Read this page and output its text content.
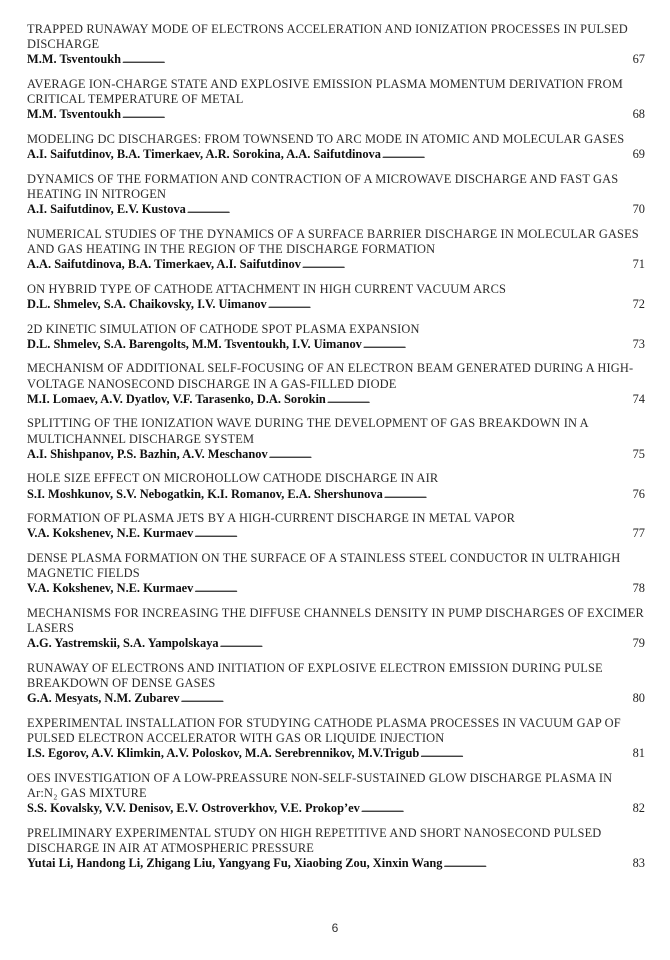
TRAPPED RUNAWAY MODE OF ELECTRONS ACCELERATION AND IONIZATION PROCESSES IN PULSED DISCHARGE
M.M. Tsventoukh . . .	67
AVERAGE ION-CHARGE STATE AND EXPLOSIVE EMISSION PLASMA MOMENTUM DERIVATION FROM CRITICAL TEMPERATURE OF METAL
M.M. Tsventoukh . . .	68
MODELING DC DISCHARGES: FROM TOWNSEND TO ARC MODE IN ATOMIC AND MOLECULAR GASES
A.I. Saifutdinov, B.A. Timerkaev, A.R. Sorokina, A.A. Saifutdinova . . .	69
DYNAMICS OF THE FORMATION AND CONTRACTION OF A MICROWAVE DISCHARGE AND FAST GAS HEATING IN NITROGEN
A.I. Saifutdinov, E.V. Kustova . . .	70
NUMERICAL STUDIES OF THE DYNAMICS OF A SURFACE BARRIER DISCHARGE IN MOLECULAR GASES AND GAS HEATING IN THE REGION OF THE DISCHARGE FORMATION
A.A. Saifutdinova, B.A. Timerkaev, A.I. Saifutdinov . . .	71
ON HYBRID TYPE OF CATHODE ATTACHMENT IN HIGH CURRENT VACUUM ARCS
D.L. Shmelev, S.A. Chaikovsky, I.V. Uimanov . . .	72
2D KINETIC SIMULATION OF CATHODE SPOT PLASMA EXPANSION
D.L. Shmelev, S.A. Barengolts, M.M. Tsventoukh, I.V. Uimanov . . .	73
MECHANISM OF ADDITIONAL SELF-FOCUSING OF AN ELECTRON BEAM GENERATED DURING A HIGH-VOLTAGE NANOSECOND DISCHARGE IN A GAS-FILLED DIODE
M.I. Lomaev, A.V. Dyatlov, V.F. Tarasenko, D.A. Sorokin . . .	74
SPLITTING OF THE IONIZATION WAVE DURING THE DEVELOPMENT OF GAS BREAKDOWN IN A MULTICHANNEL DISCHARGE SYSTEM
A.I. Shishpanov, P.S. Bazhin, A.V. Meschanov . . .	75
HOLE SIZE EFFECT ON MICROHOLLOW CATHODE DISCHARGE IN AIR
S.I. Moshkunov, S.V. Nebogatkin, K.I. Romanov, E.A. Shershunova . . .	76
FORMATION OF PLASMA JETS BY A HIGH-CURRENT DISCHARGE IN METAL VAPOR
V.A. Kokshenev, N.E. Kurmaev . . .	77
DENSE PLASMA FORMATION ON THE SURFACE OF A STAINLESS STEEL CONDUCTOR IN ULTRAHIGH MAGNETIC FIELDS
V.A. Kokshenev, N.E. Kurmaev . . .	78
MECHANISMS FOR INCREASING THE DIFFUSE CHANNELS DENSITY IN PUMP DISCHARGES OF EXCIMER LASERS
A.G. Yastremskii, S.A. Yampolskaya . . .	79
RUNAWAY OF ELECTRONS AND INITIATION OF EXPLOSIVE ELECTRON EMISSION DURING PULSE BREAKDOWN OF DENSE GASES
G.A. Mesyats, N.M. Zubarev . . .	80
EXPERIMENTAL INSTALLATION FOR STUDYING CATHODE PLASMA PROCESSES IN VACUUM GAP OF PULSED ELECTRON ACCELERATOR WITH GAS OR LIQUIDE INJECTION
I.S. Egorov, A.V. Klimkin, A.V. Poloskov, M.A. Serebrennikov, M.V.Trigub . . .	81
OES INVESTIGATION OF A LOW-PREASSURE NON-SELF-SUSTAINED GLOW DISCHARGE PLASMA IN Ar:N₂ GAS MIXTURE
S.S. Kovalsky, V.V. Denisov, E.V. Ostroverkhov, V.E. Prokop’ev . . .	82
PRELIMINARY EXPERIMENTAL STUDY ON HIGH REPETITIVE AND SHORT NANOSECOND PULSED DISCHARGE IN AIR AT ATMOSPHERIC PRESSURE
Yutai Li, Handong Li, Zhigang Liu, Yangyang Fu, Xiaobing Zou, Xinxin Wang . . .	83
6
